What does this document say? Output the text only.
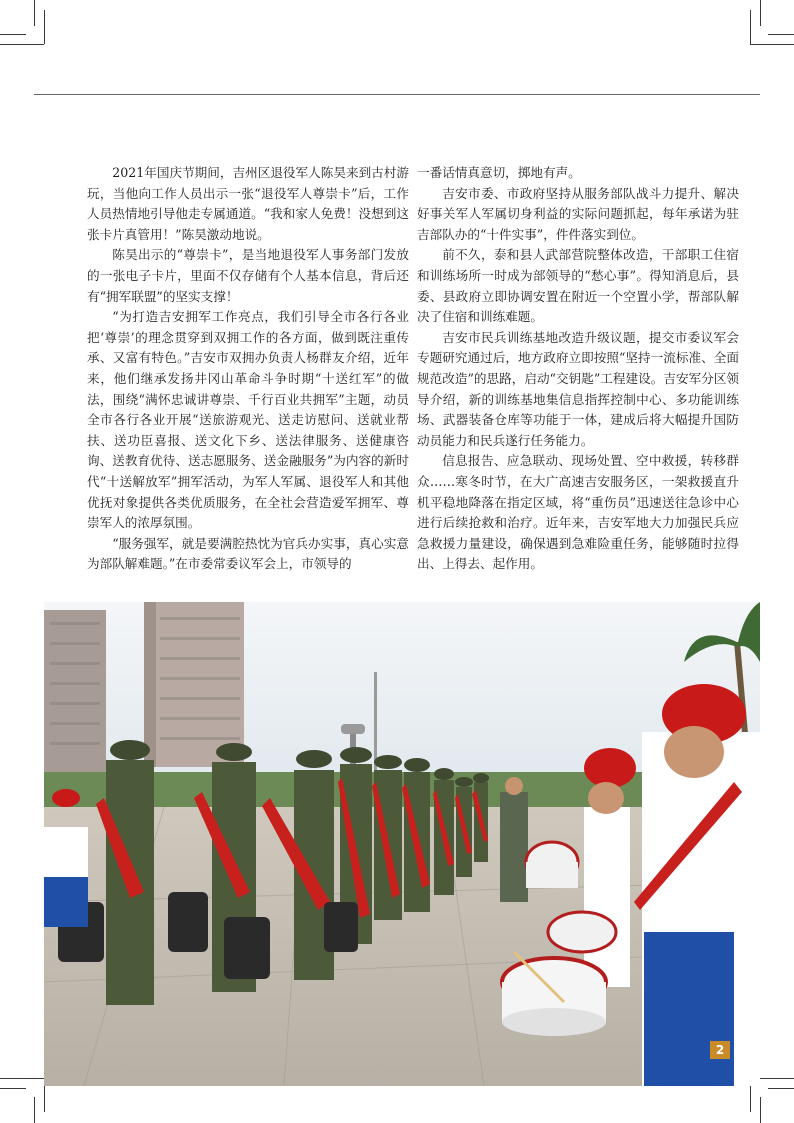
2021年国庆节期间，吉州区退役军人陈昊来到古村游玩，当他向工作人员出示一张“退役军人尊崇卡”后，工作人员热情地引导他走专属通道。“我和家人免费！没想到这张卡片真管用！”陈昊激动地说。

陈昊出示的“尊崇卡”，是当地退役军人事务部门发放的一张电子卡片，里面不仅存储有个人基本信息，背后还有“拥军联盟”的坚实支撑！

“为打造吉安拥军工作亮点，我们引导全市各行各业把‘尊崇’的理念贯穿到双拥工作的各方面，做到既注重传承、又富有特色。”吉安市双拥办负责人杨群友介绍，近年来，他们继承发扬井冈山革命斗争时期“十送红军”的做法，围绕“满怀忠诚讲尊崇、千行百业共拥军”主题，动员全市各行各业开展“送旅游观光、送走访慰问、送就业帮扶、送功臣喜报、送文化下乡、送法律服务、送健康咨询、送教育优待、送志愿服务、送金融服务”为内容的新时代“十送解放军”拥军活动，为军人军属、退役军人和其他优抚对象提供各类优质服务，在全社会营造爱军拥军、尊崇军人的浓厚氛围。

“服务强军，就是要满腔热忱为官兵办实事，真心实意为部队解难题。”在市委常委议军会上，市领导的

一番话情真意切，掷地有声。

吉安市委、市政府坚持从服务部队战斗力提升、解决好事关军人军属切身利益的实际问题抓起，每年承诺为驻吉部队办的“十件实事”，件件落实到位。

前不久，泰和县人武部营院整体改造，干部职工住宿和训练场所一时成为部领导的“愁心事”。得知消息后，县委、县政府立即协调安置在附近一个空置小学，帮部队解决了住宿和训练难题。

吉安市民兵训练基地改造升级议题，提交市委议军会专题研究通过后，地方政府立即按照“坚持一流标准、全面规范改造”的思路，启动“交钥匙”工程建设。吉安军分区领导介绍，新的训练基地集信息指挥控制中心、多功能训练场、武器装备仓库等功能于一体，建成后将大幅提升国防动员能力和民兵遂行任务能力。

信息报告、应急联动、现场处置、空中救援，转移群众……寒冬时节，在大广高速吉安服务区，一架救援直升机平稳地降落在指定区域，将“重伤员”迅速送往急诊中心进行后续抢救和治疗。近年来，吉安军地大力加强民兵应急救援力量建设，确保遇到急难险重任务，能够随时拉得出、上得去、起作用。

2
